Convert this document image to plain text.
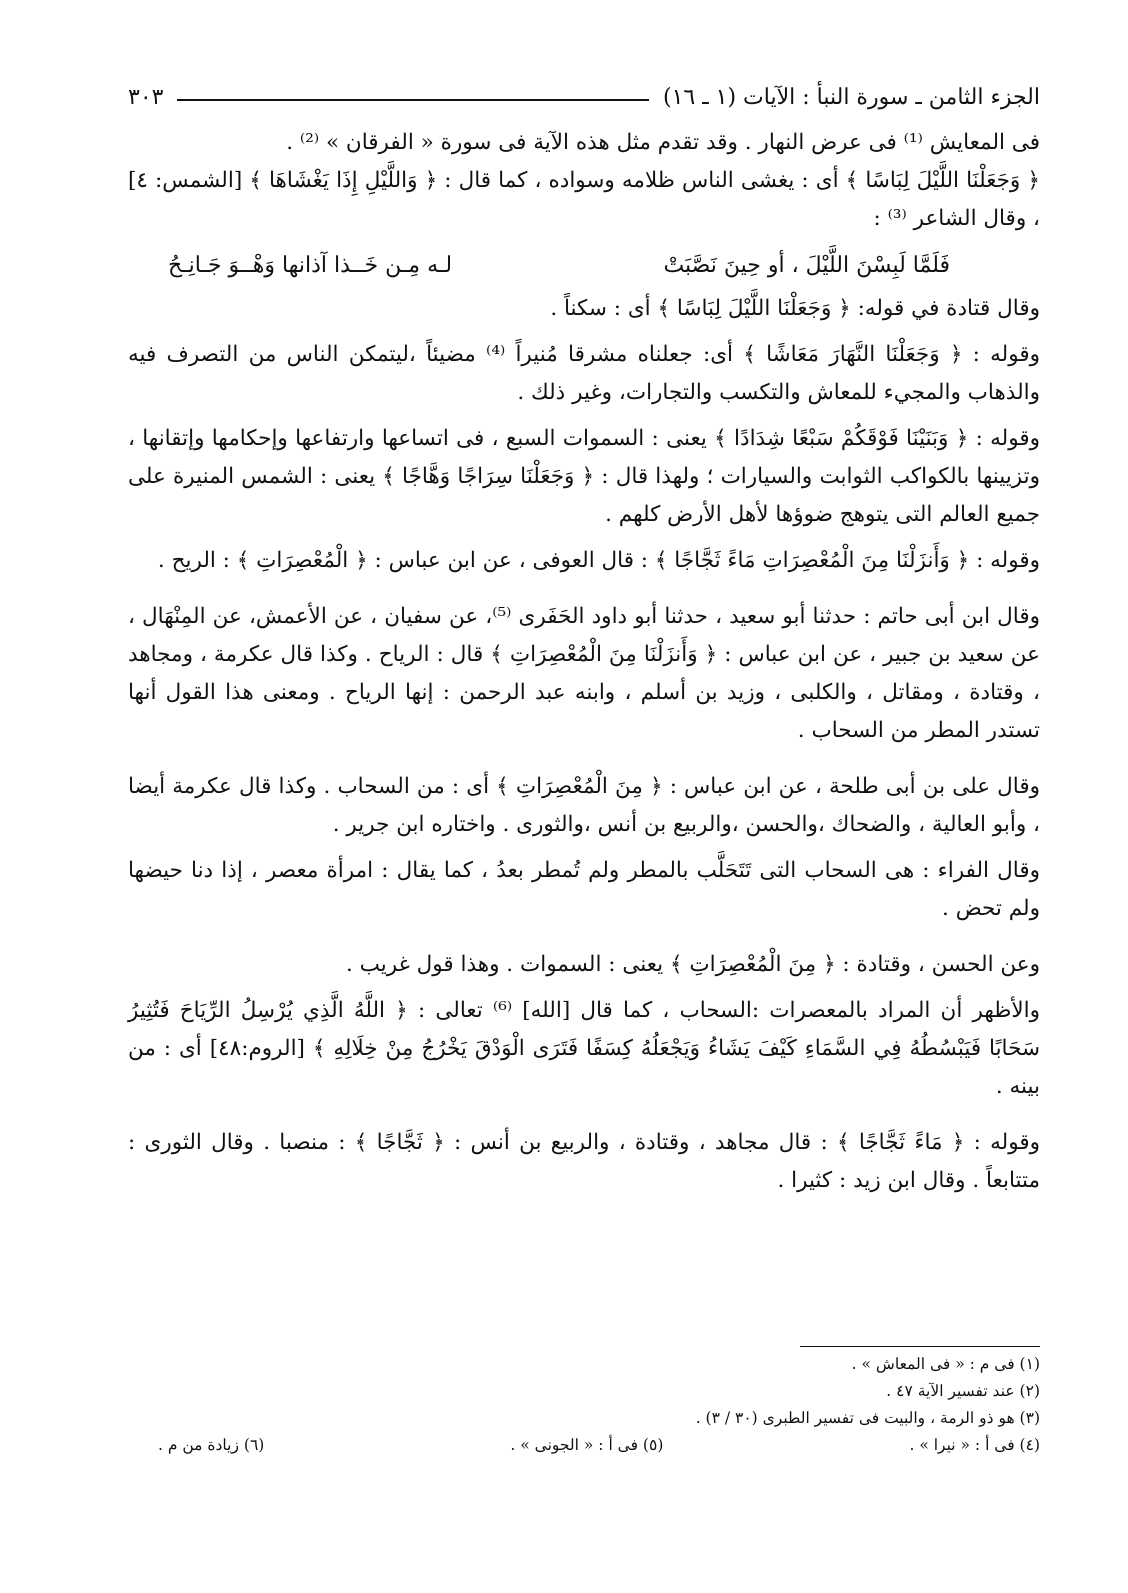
الجزء الثامن ـ سورة النبأ : الآيات (١ ـ ١٦)
٣٠٣

فى المعايش ⁽¹⁾ فى عرض النهار . وقد تقدم مثل هذه الآية فى سورة « الفرقان » ⁽²⁾ .

﴿ وَجَعَلْنَا اللَّيْلَ لِبَاسًا ﴾ أى : يغشى الناس ظلامه وسواده ، كما قال : ﴿ وَاللَّيْلِ إِذَا يَغْشَاهَا ﴾ [الشمس: ٤] ، وقال الشاعر ⁽³⁾ :

فَلَمَّا لَبِسْنَ اللَّيْلَ ، أو حِينَ نَصَّبَتْ
لـه مِـن خَــذا آذانها وَهْــوَ جَـانِـحُ

وقال قتادة في قوله: ﴿ وَجَعَلْنَا اللَّيْلَ لِبَاسًا ﴾ أى : سكناً .

وقوله : ﴿ وَجَعَلْنَا النَّهَارَ مَعَاشًا ﴾ أى: جعلناه مشرقا مُنيراً ⁽⁴⁾ مضيئاً ،ليتمكن الناس من التصرف فيه والذهاب والمجيء للمعاش والتكسب والتجارات، وغير ذلك .

وقوله : ﴿ وَبَنَيْنَا فَوْقَكُمْ سَبْعًا شِدَادًا ﴾ يعنى : السموات السبع ، فى اتساعها وارتفاعها وإحكامها وإتقانها ، وتزيينها بالكواكب الثوابت والسيارات ؛ ولهذا قال : ﴿ وَجَعَلْنَا سِرَاجًا وَهَّاجًا ﴾ يعنى : الشمس المنيرة على جميع العالم التى يتوهج ضوؤها لأهل الأرض كلهم .

وقوله : ﴿ وَأَنزَلْنَا مِنَ الْمُعْصِرَاتِ مَاءً ثَجَّاجًا ﴾ : قال العوفى ، عن ابن عباس : ﴿ الْمُعْصِرَاتِ ﴾ : الريح .

وقال ابن أبى حاتم : حدثنا أبو سعيد ، حدثنا أبو داود الحَفَرى ⁽⁵⁾، عن سفيان ، عن الأعمش، عن المِنْهَال ، عن سعيد بن جبير ، عن ابن عباس : ﴿ وَأَنزَلْنَا مِنَ الْمُعْصِرَاتِ ﴾ قال : الرياح . وكذا قال عكرمة ، ومجاهد ، وقتادة ، ومقاتل ، والكلبى ، وزيد بن أسلم ، وابنه عبد الرحمن : إنها الرياح . ومعنى هذا القول أنها تستدر المطر من السحاب .

وقال على بن أبى طلحة ، عن ابن عباس : ﴿ مِنَ الْمُعْصِرَاتِ ﴾ أى : من السحاب . وكذا قال عكرمة أيضا ، وأبو العالية ، والضحاك ،والحسن ،والربيع بن أنس ،والثورى . واختاره ابن جرير .

وقال الفراء : هى السحاب التى تَتَحَلَّب بالمطر ولم تُمطر بعدُ ، كما يقال : امرأة معصر ، إذا دنا حيضها ولم تحض .

وعن الحسن ، وقتادة : ﴿ مِنَ الْمُعْصِرَاتِ ﴾ يعنى : السموات . وهذا قول غريب .

والأظهر أن المراد بالمعصرات :السحاب ، كما قال [الله] ⁽⁶⁾ تعالى : ﴿ اللَّهُ الَّذِي يُرْسِلُ الرِّيَاحَ فَتُثِيرُ سَحَابًا فَيَبْسُطُهُ فِي السَّمَاءِ كَيْفَ يَشَاءُ وَيَجْعَلُهُ كِسَفًا فَتَرَى الْوَدْقَ يَخْرُجُ مِنْ خِلَالِهِ ﴾ [الروم:٤٨] أى : من بينه .

وقوله : ﴿ مَاءً ثَجَّاجًا ﴾ : قال مجاهد ، وقتادة ، والربيع بن أنس : ﴿ ثَجَّاجًا ﴾ : منصبا . وقال الثورى : متتابعاً . وقال ابن زيد : كثيرا .

(١) فى م : « فى المعاش » .
(٢) عند تفسير الآية ٤٧ .
(٣) هو ذو الرمة ، والبيت فى تفسير الطبرى (٣٠ / ٣) .
(٤) فى أ : « نيرا » .
(٥) فى أ : « الجونى » .
(٦) زيادة من م .
